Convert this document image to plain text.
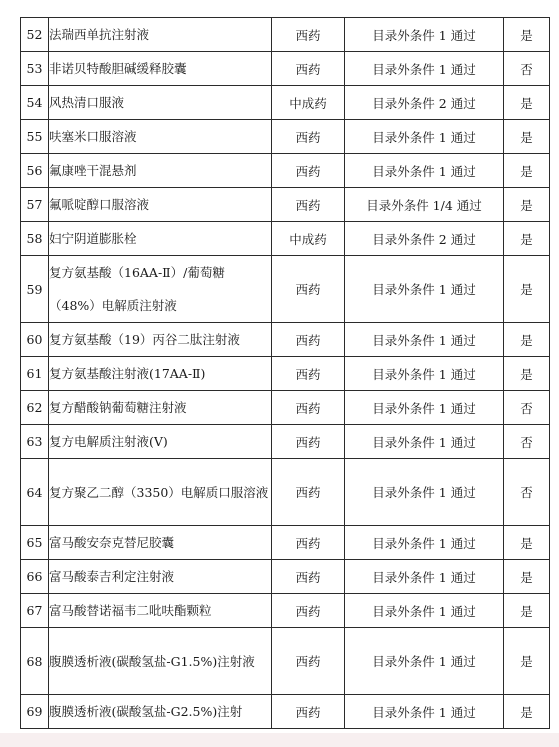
52	法瑞西单抗注射液	西药	目录外条件 1 通过	是
53	非诺贝特酸胆碱缓释胶囊	西药	目录外条件 1 通过	否
54	风热清口服液	中成药	目录外条件 2 通过	是
55	呋塞米口服溶液	西药	目录外条件 1 通过	是
56	氟康唑干混悬剂	西药	目录外条件 1 通过	是
57	氟哌啶醇口服溶液	西药	目录外条件 1/4 通过	是
58	妇宁阴道膨胀栓	中成药	目录外条件 2 通过	是
59	复方氨基酸（16AA-Ⅱ）/葡萄糖（48%）电解质注射液	西药	目录外条件 1 通过	是
60	复方氨基酸（19）丙谷二肽注射液	西药	目录外条件 1 通过	是
61	复方氨基酸注射液(17AA-Ⅱ)	西药	目录外条件 1 通过	是
62	复方醋酸钠葡萄糖注射液	西药	目录外条件 1 通过	否
63	复方电解质注射液(V)	西药	目录外条件 1 通过	否
64	复方聚乙二醇（3350）电解质口服溶液	西药	目录外条件 1 通过	否
65	富马酸安奈克替尼胶囊	西药	目录外条件 1 通过	是
66	富马酸泰吉利定注射液	西药	目录外条件 1 通过	是
67	富马酸替诺福韦二吡呋酯颗粒	西药	目录外条件 1 通过	是
68	腹膜透析液(碳酸氢盐-G1.5%)注射液	西药	目录外条件 1 通过	是
69	腹膜透析液(碳酸氢盐-G2.5%)注射	西药	目录外条件 1 通过	是
